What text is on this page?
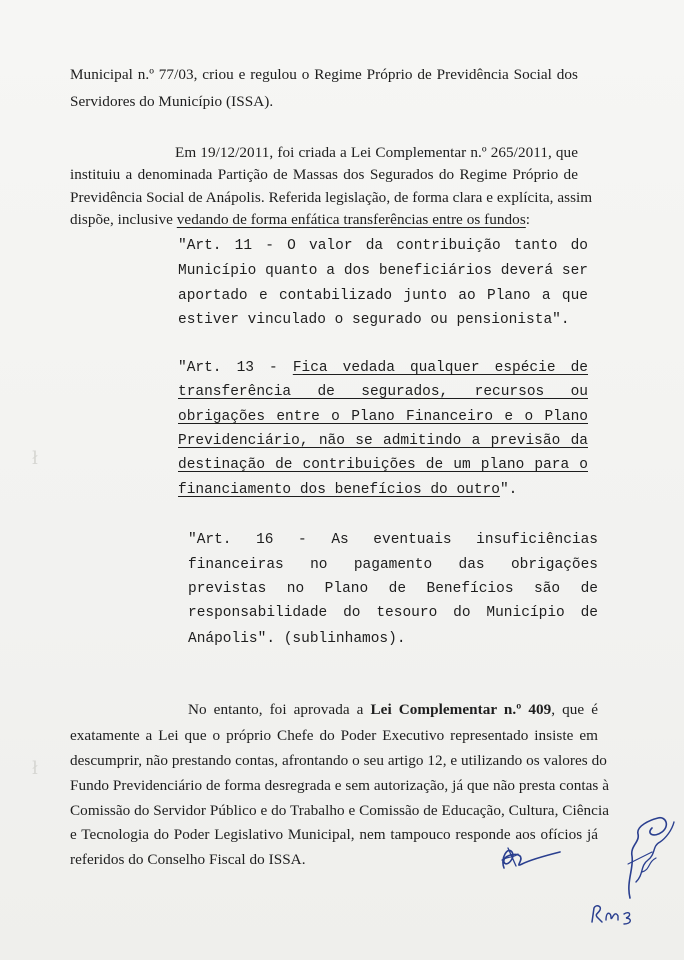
Municipal n.º 77/03, criou e regulou o Regime Próprio de Previdência Social dos
Servidores do Município (ISSA).
Em 19/12/2011, foi criada a Lei Complementar n.º 265/2011, que
instituiu a denominada Partição de Massas dos Segurados do Regime Próprio de
Previdência Social de Anápolis. Referida legislação, de forma clara e explícita, assim
dispõe, inclusive vedando de forma enfática transferências entre os fundos:
"Art. 11 - O valor da contribuição tanto do
Município quanto a dos beneficiários deverá ser
aportado e contabilizado junto ao Plano a que
estiver vinculado o segurado ou pensionista".
"Art. 13 - Fica vedada qualquer espécie de
transferência de segurados, recursos ou
obrigações entre o Plano Financeiro e o Plano
Previdenciário, não se admitindo a previsão da
destinação de contribuições de um plano para o
financiamento dos benefícios do outro".
"Art. 16 - As eventuais insuficiências
financeiras no pagamento das obrigações
previstas no Plano de Benefícios são de
responsabilidade do tesouro do Município de
Anápolis". (sublinhamos).
No entanto, foi aprovada a Lei Complementar n.º 409, que é
exatamente a Lei que o próprio Chefe do Poder Executivo representado insiste em
descumprir, não prestando contas, afrontando o seu artigo 12, e utilizando os valores do
Fundo Previdenciário de forma desregrada e sem autorização, já que não presta contas à
Comissão do Servidor Público e do Trabalho e Comissão de Educação, Cultura, Ciência
e Tecnologia do Poder Legislativo Municipal, nem tampouco responde aos ofícios já
referidos do Conselho Fiscal do ISSA.
ł
ł
